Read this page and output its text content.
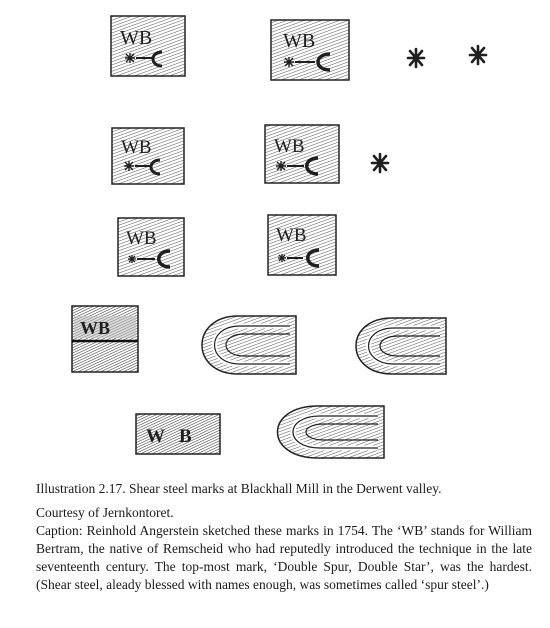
WB	WB
WB	WB
WB	WB
WB
WB
Illustration 2.17. Shear steel marks at Blackhall Mill in the Derwent valley.
Courtesy of Jernkontoret.
Caption: Reinhold Angerstein sketched these marks in 1754. The ‘WB’ stands for William Bertram, the native of Remscheid who had reputedly introduced the technique in the late seventeenth century. The top-most mark, ‘Double Spur, Double Star’, was the hardest. (Shear steel, aleady blessed with names enough, was sometimes called ‘spur steel’.)
